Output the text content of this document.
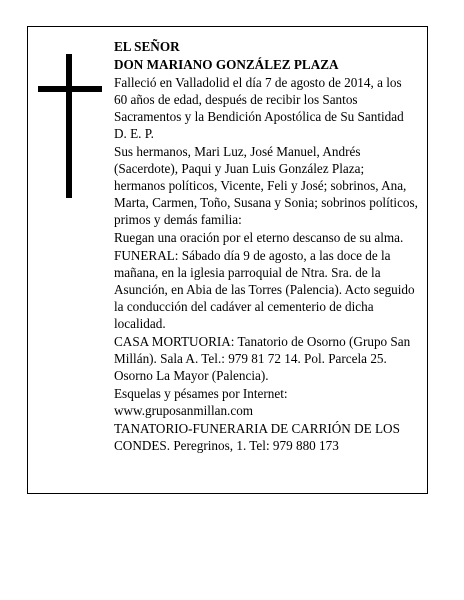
EL SEÑOR

DON MARIANO GONZÁLEZ PLAZA

Falleció en Valladolid el día 7 de agosto de 2014, a los 60 años de edad, después de recibir los Santos Sacramentos y la Bendición Apostólica de Su Santidad D. E. P.

Sus hermanos, Mari Luz, José Manuel, Andrés (Sacerdote), Paqui y Juan Luis González Plaza; hermanos políticos, Vicente, Feli y José; sobrinos, Ana, Marta, Carmen, Toño, Susana y Sonia; sobrinos políticos, primos y demás familia:

Ruegan una oración por el eterno descanso de su alma.

FUNERAL: Sábado día 9 de agosto, a las doce de la mañana, en la iglesia parroquial de Ntra. Sra. de la Asunción, en Abia de las Torres (Palencia). Acto seguido la conducción del cadáver al cementerio de dicha localidad.

CASA MORTUORIA: Tanatorio de Osorno (Grupo San Millán). Sala A. Tel.: 979 81 72 14. Pol. Parcela 25. Osorno La Mayor (Palencia).

Esquelas y pésames por Internet: www.gruposanmillan.com

TANATORIO-FUNERARIA DE CARRIÓN DE LOS CONDES. Peregrinos, 1. Tel: 979 880 173
